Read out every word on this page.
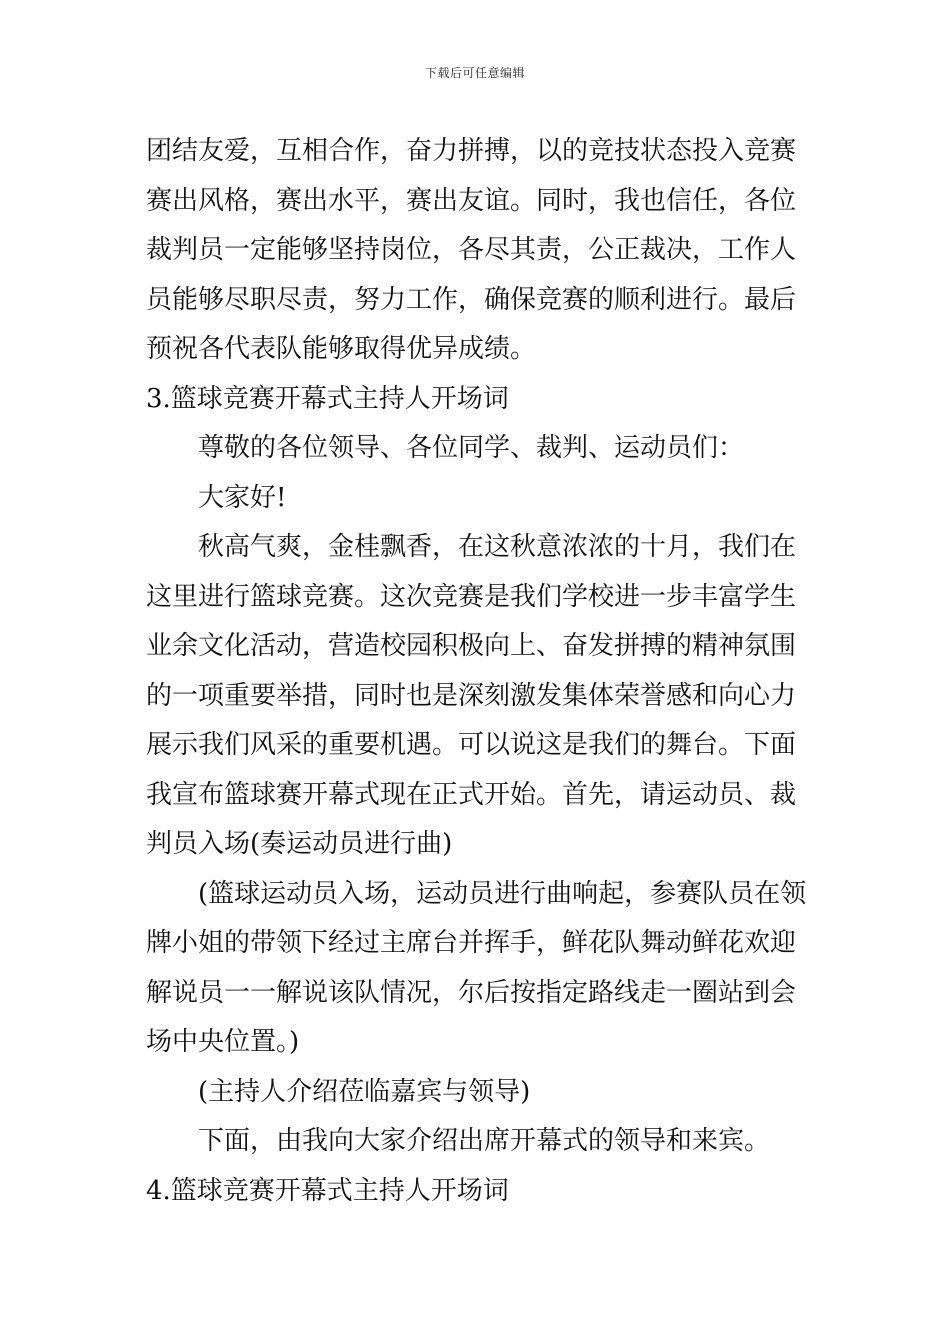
下载后可任意编辑
团结友爱，互相合作，奋力拼搏，以的竞技状态投入竞赛
赛出风格，赛出水平，赛出友谊。同时，我也信任，各位
裁判员一定能够坚持岗位，各尽其责，公正裁决，工作人
员能够尽职尽责，努力工作，确保竞赛的顺利进行。最后
预祝各代表队能够取得优异成绩。
3.篮球竞赛开幕式主持人开场词
尊敬的各位领导、各位同学、裁判、运动员们：
大家好!
秋高气爽，金桂飘香，在这秋意浓浓的十月，我们在
这里进行篮球竞赛。这次竞赛是我们学校进一步丰富学生
业余文化活动，营造校园积极向上、奋发拼搏的精神氛围
的一项重要举措，同时也是深刻激发集体荣誉感和向心力
展示我们风采的重要机遇。可以说这是我们的舞台。下面
我宣布篮球赛开幕式现在正式开始。首先，请运动员、裁
判员入场(奏运动员进行曲)
(篮球运动员入场，运动员进行曲响起，参赛队员在领
牌小姐的带领下经过主席台并挥手，鲜花队舞动鲜花欢迎
解说员一一解说该队情况，尔后按指定路线走一圈站到会
场中央位置。)
(主持人介绍莅临嘉宾与领导)
下面，由我向大家介绍出席开幕式的领导和来宾。
4.篮球竞赛开幕式主持人开场词
